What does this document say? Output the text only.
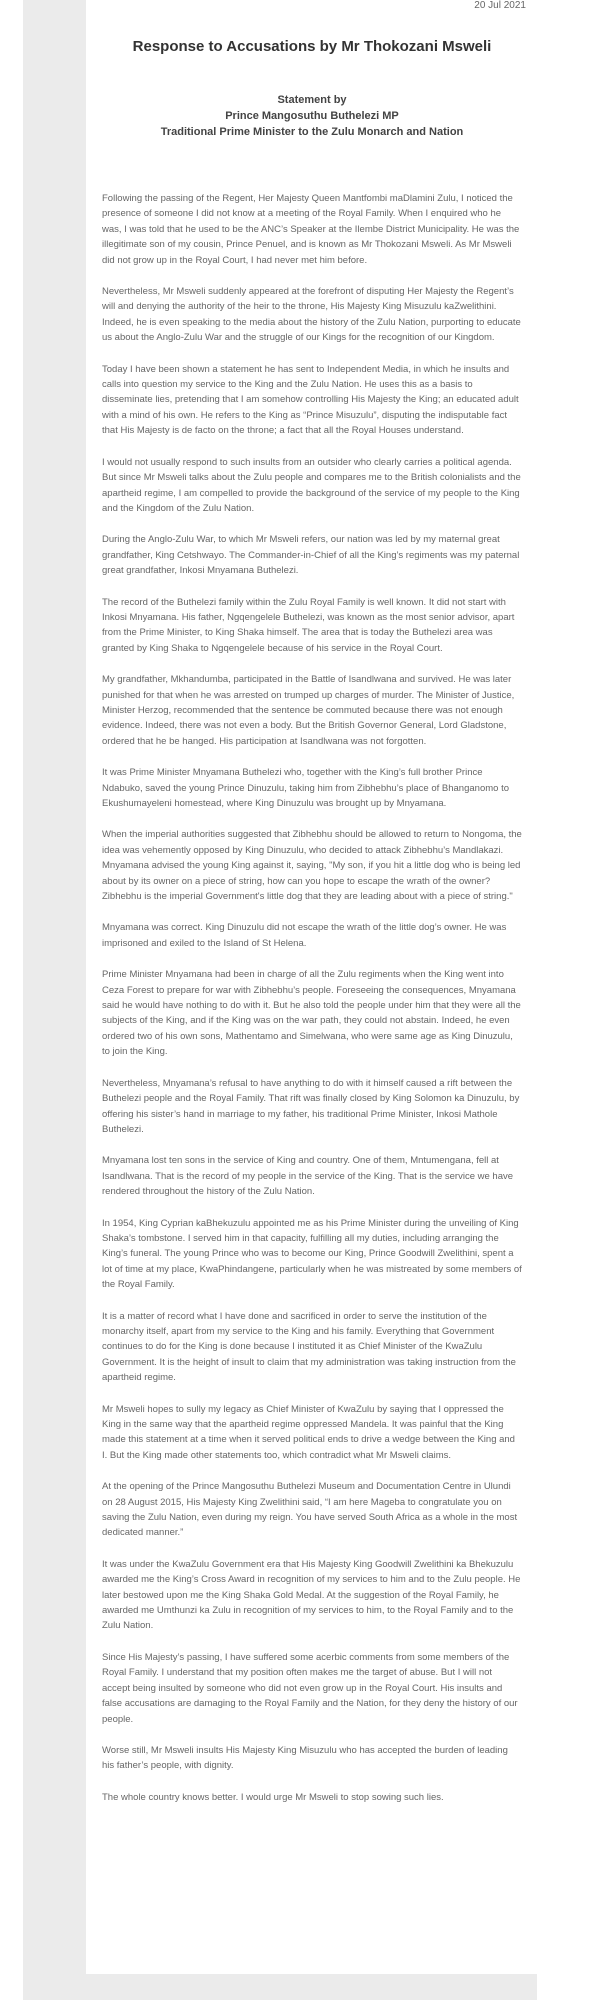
20 Jul 2021
Response to Accusations by Mr Thokozani Msweli
Statement by
Prince Mangosuthu Buthelezi MP
Traditional Prime Minister to the Zulu Monarch and Nation

Following the passing of the Regent, Her Majesty Queen Mantfombi maDlamini Zulu, I noticed the presence of someone I did not know at a meeting of the Royal Family. When I enquired who he was, I was told that he used to be the ANC’s Speaker at the Ilembe District Municipality. He was the illegitimate son of my cousin, Prince Penuel, and is known as Mr Thokozani Msweli. As Mr Msweli did not grow up in the Royal Court, I had never met him before.

Nevertheless, Mr Msweli suddenly appeared at the forefront of disputing Her Majesty the Regent’s will and denying the authority of the heir to the throne, His Majesty King Misuzulu kaZwelithini. Indeed, he is even speaking to the media about the history of the Zulu Nation, purporting to educate us about the Anglo-Zulu War and the struggle of our Kings for the recognition of our Kingdom.

Today I have been shown a statement he has sent to Independent Media, in which he insults and calls into question my service to the King and the Zulu Nation. He uses this as a basis to disseminate lies, pretending that I am somehow controlling His Majesty the King; an educated adult with a mind of his own. He refers to the King as “Prince Misuzulu”, disputing the indisputable fact that His Majesty is de facto on the throne; a fact that all the Royal Houses understand.

I would not usually respond to such insults from an outsider who clearly carries a political agenda. But since Mr Msweli talks about the Zulu people and compares me to the British colonialists and the apartheid regime, I am compelled to provide the background of the service of my people to the King and the Kingdom of the Zulu Nation.

During the Anglo-Zulu War, to which Mr Msweli refers, our nation was led by my maternal great grandfather, King Cetshwayo. The Commander-in-Chief of all the King’s regiments was my paternal great grandfather, Inkosi Mnyamana Buthelezi.

The record of the Buthelezi family within the Zulu Royal Family is well known. It did not start with Inkosi Mnyamana. His father, Ngqengelele Buthelezi, was known as the most senior advisor, apart from the Prime Minister, to King Shaka himself. The area that is today the Buthelezi area was granted by King Shaka to Ngqengelele because of his service in the Royal Court.

My grandfather, Mkhandumba, participated in the Battle of Isandlwana and survived. He was later punished for that when he was arrested on trumped up charges of murder. The Minister of Justice, Minister Herzog, recommended that the sentence be commuted because there was not enough evidence. Indeed, there was not even a body. But the British Governor General, Lord Gladstone, ordered that he be hanged. His participation at Isandlwana was not forgotten.

It was Prime Minister Mnyamana Buthelezi who, together with the King’s full brother Prince Ndabuko, saved the young Prince Dinuzulu, taking him from Zibhebhu’s place of Bhanganomo to Ekushumayeleni homestead, where King Dinuzulu was brought up by Mnyamana.

When the imperial authorities suggested that Zibhebhu should be allowed to return to Nongoma, the idea was vehemently opposed by King Dinuzulu, who decided to attack Zibhebhu’s Mandlakazi. Mnyamana advised the young King against it, saying, "My son, if you hit a little dog who is being led about by its owner on a piece of string, how can you hope to escape the wrath of the owner? Zibhebhu is the imperial Government's little dog that they are leading about with a piece of string."

Mnyamana was correct. King Dinuzulu did not escape the wrath of the little dog’s owner. He was imprisoned and exiled to the Island of St Helena.

Prime Minister Mnyamana had been in charge of all the Zulu regiments when the King went into Ceza Forest to prepare for war with Zibhebhu’s people. Foreseeing the consequences, Mnyamana said he would have nothing to do with it. But he also told the people under him that they were all the subjects of the King, and if the King was on the war path, they could not abstain. Indeed, he even ordered two of his own sons, Mathentamo and Simelwana, who were same age as King Dinuzulu, to join the King.

Nevertheless, Mnyamana’s refusal to have anything to do with it himself caused a rift between the Buthelezi people and the Royal Family. That rift was finally closed by King Solomon ka Dinuzulu, by offering his sister’s hand in marriage to my father, his traditional Prime Minister, Inkosi Mathole Buthelezi.

Mnyamana lost ten sons in the service of King and country. One of them, Mntumengana, fell at Isandlwana. That is the record of my people in the service of the King. That is the service we have rendered throughout the history of the Zulu Nation.

In 1954, King Cyprian kaBhekuzulu appointed me as his Prime Minister during the unveiling of King Shaka’s tombstone. I served him in that capacity, fulfilling all my duties, including arranging the King’s funeral. The young Prince who was to become our King, Prince Goodwill Zwelithini, spent a lot of time at my place, KwaPhindangene, particularly when he was mistreated by some members of the Royal Family.

It is a matter of record what I have done and sacrificed in order to serve the institution of the monarchy itself, apart from my service to the King and his family. Everything that Government continues to do for the King is done because I instituted it as Chief Minister of the KwaZulu Government. It is the height of insult to claim that my administration was taking instruction from the apartheid regime.

Mr Msweli hopes to sully my legacy as Chief Minister of KwaZulu by saying that I oppressed the King in the same way that the apartheid regime oppressed Mandela. It was painful that the King made this statement at a time when it served political ends to drive a wedge between the King and I. But the King made other statements too, which contradict what Mr Msweli claims.

At the opening of the Prince Mangosuthu Buthelezi Museum and Documentation Centre in Ulundi on 28 August 2015, His Majesty King Zwelithini said, “I am here Mageba to congratulate you on saving the Zulu Nation, even during my reign. You have served South Africa as a whole in the most dedicated manner.”

It was under the KwaZulu Government era that His Majesty King Goodwill Zwelithini ka Bhekuzulu awarded me the King’s Cross Award in recognition of my services to him and to the Zulu people. He later bestowed upon me the King Shaka Gold Medal. At the suggestion of the Royal Family, he awarded me Umthunzi ka Zulu in recognition of my services to him, to the Royal Family and to the Zulu Nation.

Since His Majesty’s passing, I have suffered some acerbic comments from some members of the Royal Family. I understand that my position often makes me the target of abuse. But I will not accept being insulted by someone who did not even grow up in the Royal Court. His insults and false accusations are damaging to the Royal Family and the Nation, for they deny the history of our people.

Worse still, Mr Msweli insults His Majesty King Misuzulu who has accepted the burden of leading his father’s people, with dignity.

The whole country knows better. I would urge Mr Msweli to stop sowing such lies.
